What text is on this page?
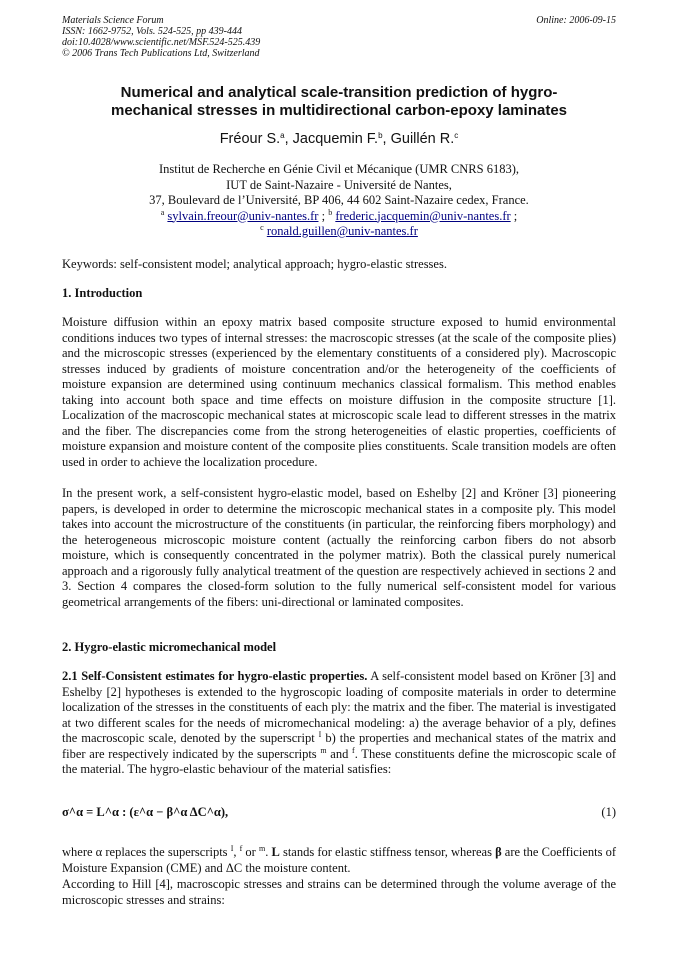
Materials Science Forum
ISSN: 1662-9752, Vols. 524-525, pp 439-444
doi:10.4028/www.scientific.net/MSF.524-525.439
© 2006 Trans Tech Publications Ltd, Switzerland
Online: 2006-09-15
Numerical and analytical scale-transition prediction of hygro-
mechanical stresses in multidirectional carbon-epoxy laminates
Fréour S.$^a$, Jacquemin F.$^b$, Guillén R.$^c$
Institut de Recherche en Génie Civil et Mécanique (UMR CNRS 6183),
IUT de Saint-Nazaire - Université de Nantes,
37, Boulevard de l’Université, BP 406, 44 602 Saint-Nazaire cedex, France.
$^a$ sylvain.freour@univ-nantes.fr ; $^b$ frederic.jacquemin@univ-nantes.fr ;
$^c$ ronald.guillen@univ-nantes.fr
Keywords: self-consistent model; analytical approach; hygro-elastic stresses.
1. Introduction
Moisture diffusion within an epoxy matrix based composite structure exposed to humid environmental conditions induces two types of internal stresses: the macroscopic stresses (at the scale of the composite plies) and the microscopic stresses (experienced by the elementary constituents of a considered ply). Macroscopic stresses induced by gradients of moisture concentration and/or the heterogeneity of the coefficients of moisture expansion are determined using continuum mechanics classical formalism. This method enables taking into account both space and time effects on moisture diffusion in the composite structure [1]. Localization of the macroscopic mechanical states at microscopic scale lead to different stresses in the matrix and the fiber. The discrepancies come from the strong heterogeneities of elastic properties, coefficients of moisture expansion and moisture content of the composite plies constituents. Scale transition models are often used in order to achieve the localization procedure.
In the present work, a self-consistent hygro-elastic model, based on Eshelby [2] and Kröner [3] pioneering papers, is developed in order to determine the microscopic mechanical states in a composite ply. This model takes into account the microstructure of the constituents (in particular, the reinforcing fibers morphology) and the heterogeneous microscopic moisture content (actually the reinforcing carbon fibers do not absorb moisture, which is consequently concentrated in the polymer matrix). Both the classical purely numerical approach and a rigorously fully analytical treatment of the question are respectively achieved in sections 2 and 3. Section 4 compares the closed-form solution to the fully numerical self-consistent model for various geometrical arrangements of the fibers: uni-directional or laminated composites.
2. Hygro-elastic micromechanical model
2.1 Self-Consistent estimates for hygro-elastic properties. A self-consistent model based on Kröner [3] and Eshelby [2] hypotheses is extended to the hygroscopic loading of composite materials in order to determine localization of the stresses in the constituents of each ply: the matrix and the fiber. The material is investigated at two different scales for the needs of micromechanical modeling: a) the average behavior of a ply, defines the macroscopic scale, denoted by the superscript $^I$ b) the properties and mechanical states of the matrix and fiber are respectively indicated by the superscripts $^m$ and $^f$. These constituents define the microscopic scale of the material. The hygro-elastic behaviour of the material satisfies:
σ^α = L^α : (ε^α − β^α ΔC^α),	(1)
where α replaces the superscripts $^I$, $^f$ or $^m$. L stands for elastic stiffness tensor, whereas β are the Coefficients of Moisture Expansion (CME) and ΔC the moisture content.
According to Hill [4], macroscopic stresses and strains can be determined through the volume average of the microscopic stresses and strains:
